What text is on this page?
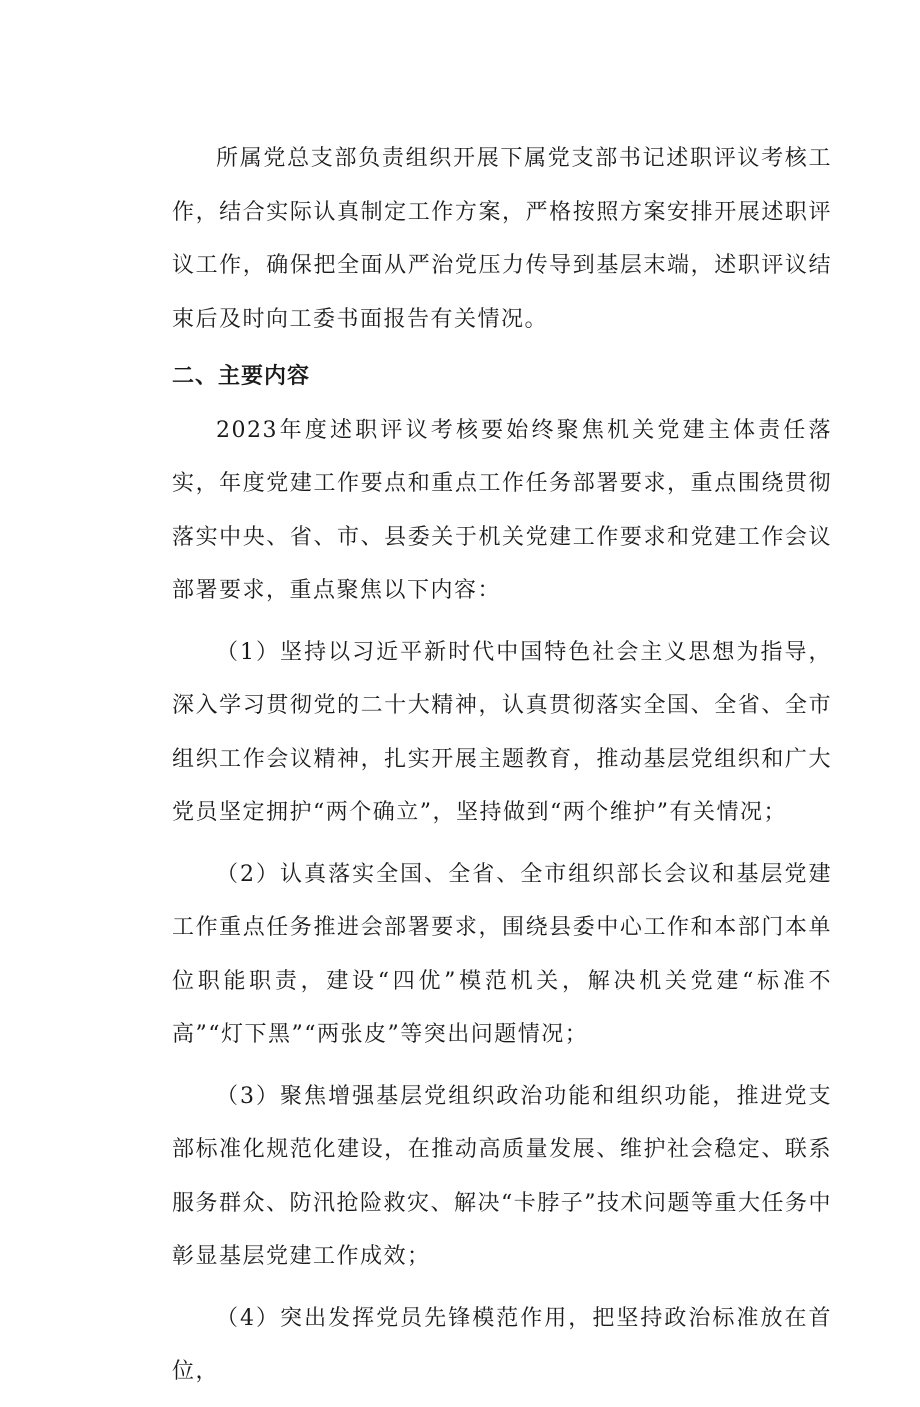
所属党总支部负责组织开展下属党支部书记述职评议考核工作，结合实际认真制定工作方案，严格按照方案安排开展述职评议工作，确保把全面从严治党压力传导到基层末端，述职评议结束后及时向工委书面报告有关情况。

二、主要内容

2023年度述职评议考核要始终聚焦机关党建主体责任落实，年度党建工作要点和重点工作任务部署要求，重点围绕贯彻落实中央、省、市、县委关于机关党建工作要求和党建工作会议部署要求，重点聚焦以下内容：

（1）坚持以习近平新时代中国特色社会主义思想为指导，深入学习贯彻党的二十大精神，认真贯彻落实全国、全省、全市组织工作会议精神，扎实开展主题教育，推动基层党组织和广大党员坚定拥护“两个确立”，坚持做到“两个维护”有关情况；

（2）认真落实全国、全省、全市组织部长会议和基层党建工作重点任务推进会部署要求，围绕县委中心工作和本部门本单位职能职责，建设“四优”模范机关，解决机关党建“标准不高”“灯下黑”“两张皮”等突出问题情况；

（3）聚焦增强基层党组织政治功能和组织功能，推进党支部标准化规范化建设，在推动高质量发展、维护社会稳定、联系服务群众、防汛抢险救灾、解决“卡脖子”技术问题等重大任务中彰显基层党建工作成效；

（4）突出发挥党员先锋模范作用，把坚持政治标准放在首位，
